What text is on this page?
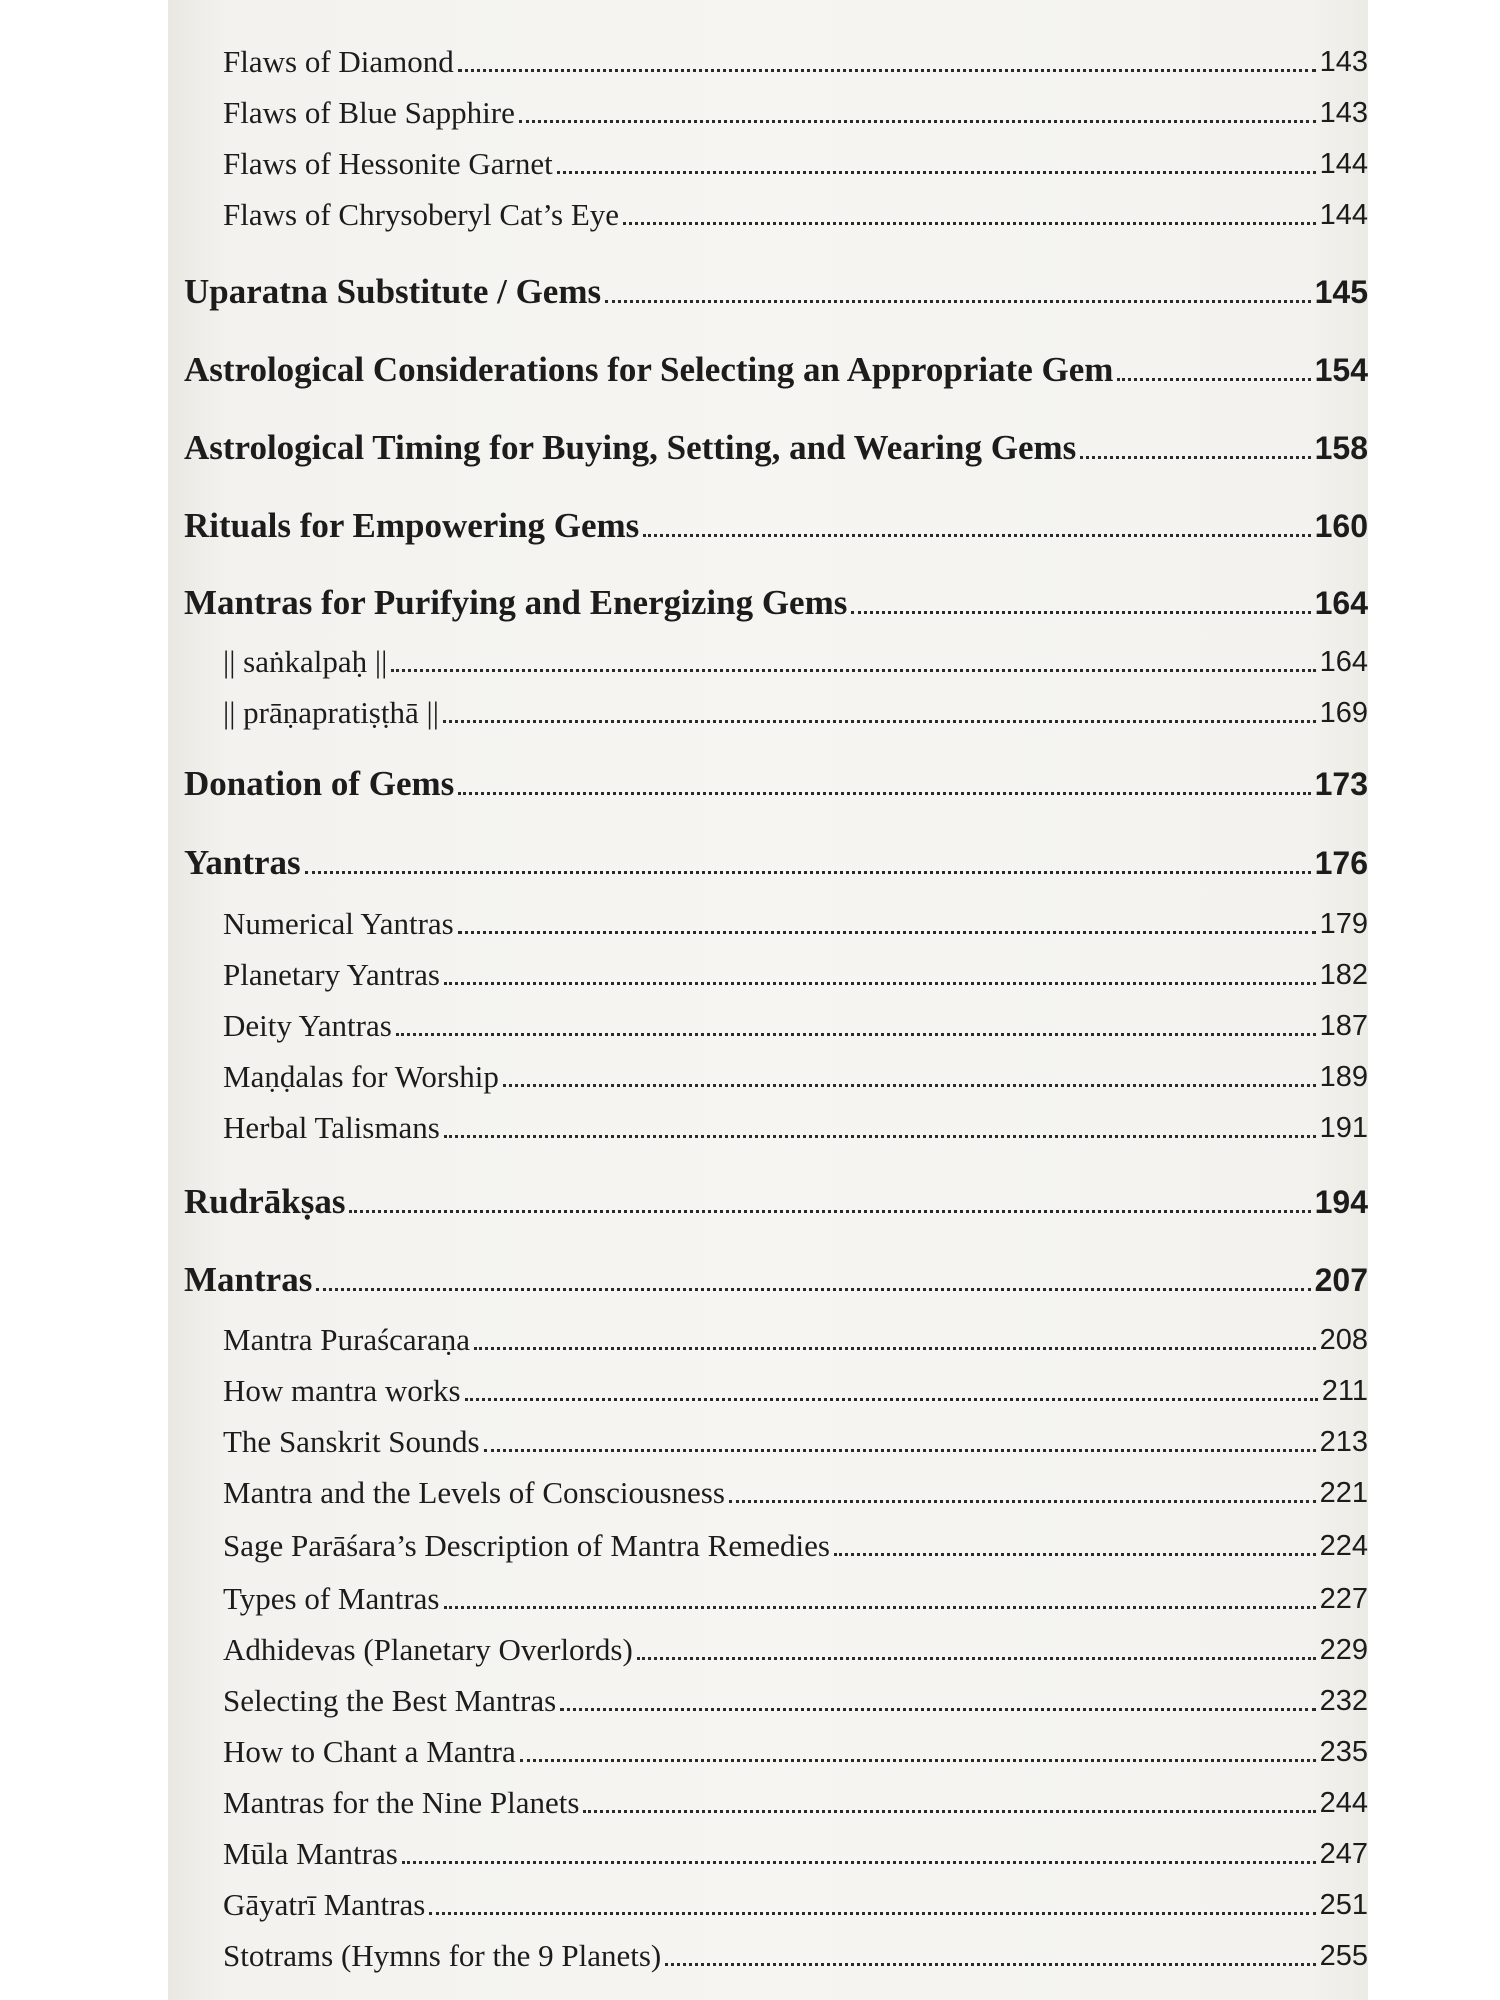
Flaws of Diamond	143
Flaws of Blue Sapphire	143
Flaws of Hessonite Garnet	144
Flaws of Chrysoberyl Cat’s Eye	144
Uparatna Substitute / Gems	145
Astrological Considerations for Selecting an Appropriate Gem	154
Astrological Timing for Buying, Setting, and Wearing Gems	158
Rituals for Empowering Gems	160
Mantras for Purifying and Energizing Gems	164
|| saṅkalpaḥ ||	164
|| prāṇapratiṣṭhā ||	169
Donation of Gems	173
Yantras	176
Numerical Yantras	179
Planetary Yantras	182
Deity Yantras	187
Maṇḍalas for Worship	189
Herbal Talismans	191
Rudrākṣas	194
Mantras	207
Mantra Puraścaraṇa	208
How mantra works	211
The Sanskrit Sounds	213
Mantra and the Levels of Consciousness	221
Sage Parāśara’s Description of Mantra Remedies	224
Types of Mantras	227
Adhidevas (Planetary Overlords)	229
Selecting the Best Mantras	232
How to Chant a Mantra	235
Mantras for the Nine Planets	244
Mūla Mantras	247
Gāyatrī Mantras	251
Stotrams (Hymns for the 9 Planets)	255
